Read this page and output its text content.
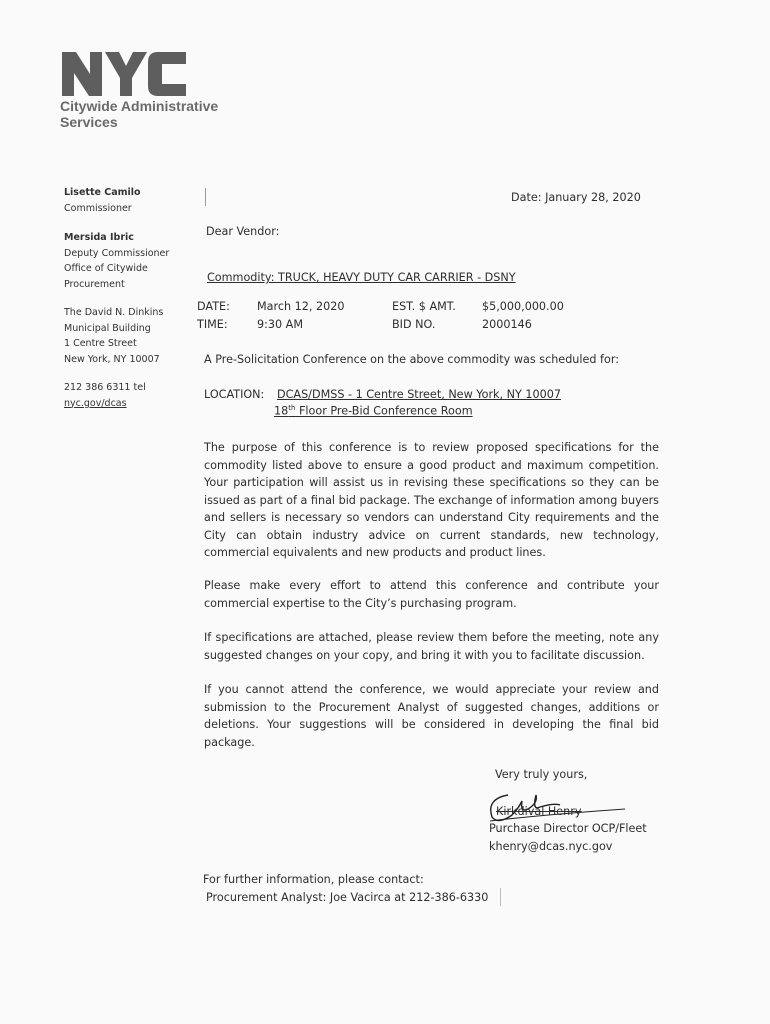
Citywide Administrative
Services
Lisette Camilo
Commissioner
Mersida Ibric
Deputy Commissioner
Office of Citywide
Procurement
The David N. Dinkins
Municipal Building
1 Centre Street
New York, NY 10007
212 386 6311 tel
nyc.gov/dcas
Date: January 28, 2020
Dear Vendor:
Commodity: TRUCK, HEAVY DUTY CAR CARRIER - DSNY
DATE: March 12, 2020	EST. $ AMT. $5,000,000.00
TIME:	9:30 AM	BID NO.	2000146
A Pre-Solicitation Conference on the above commodity was scheduled for:
LOCATION: DCAS/DMSS - 1 Centre Street, New York, NY 10007
18th Floor Pre-Bid Conference Room
The purpose of this conference is to review proposed specifications for the commodity listed above to ensure a good product and maximum competition. Your participation will assist us in revising these specifications so they can be issued as part of a final bid package. The exchange of information among buyers and sellers is necessary so vendors can understand City requirements and the City can obtain industry advice on current standards, new technology, commercial equivalents and new products and product lines.
Please make every effort to attend this conference and contribute your commercial expertise to the City’s purchasing program.
If specifications are attached, please review them before the meeting, note any suggested changes on your copy, and bring it with you to facilitate discussion.
If you cannot attend the conference, we would appreciate your review and submission to the Procurement Analyst of suggested changes, additions or deletions. Your suggestions will be considered in developing the final bid package.
Very truly yours,
Kirkdival Henry
Purchase Director OCP/Fleet
khenry@dcas.nyc.gov
For further information, please contact:
Procurement Analyst: Joe Vacirca at 212-386-6330
